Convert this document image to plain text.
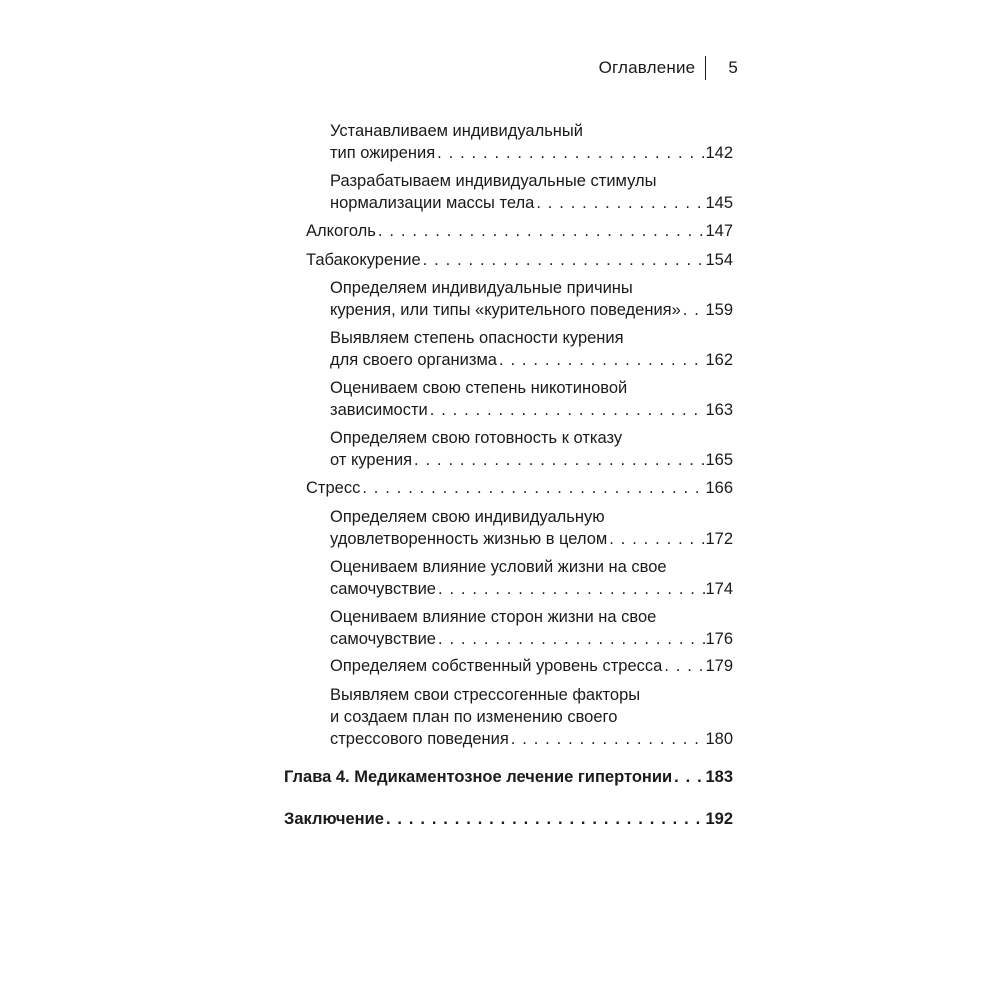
Оглавление 5
Устанавливаем индивидуальный
тип ожирения . . .	142
Разрабатываем индивидуальные стимулы
нормализации массы тела . . .	145
Алкоголь . . .	147
Табакокурение . . .	154
Определяем индивидуальные причины
курения, или типы «курительного поведения» . . . 159
Выявляем степень опасности курения
для своего организма . . .	162
Оцениваем свою степень никотиновой
зависимости . . .	163
Определяем свою готовность к отказу
от курения . . .	165
Стресс . . .	166
Определяем свою индивидуальную
удовлетворенность жизнью в целом . . .	172
Оцениваем влияние условий жизни на свое
самочувствие . . .	174
Оцениваем влияние сторон жизни на свое
самочувствие . . .	176
Определяем собственный уровень стресса . . .	179
Выявляем свои стрессогенные факторы
и создаем план по изменению своего
стрессового поведения . . .	180
Глава 4. Медикаментозное лечение гипертонии . . . 183
Заключение . . .	192
